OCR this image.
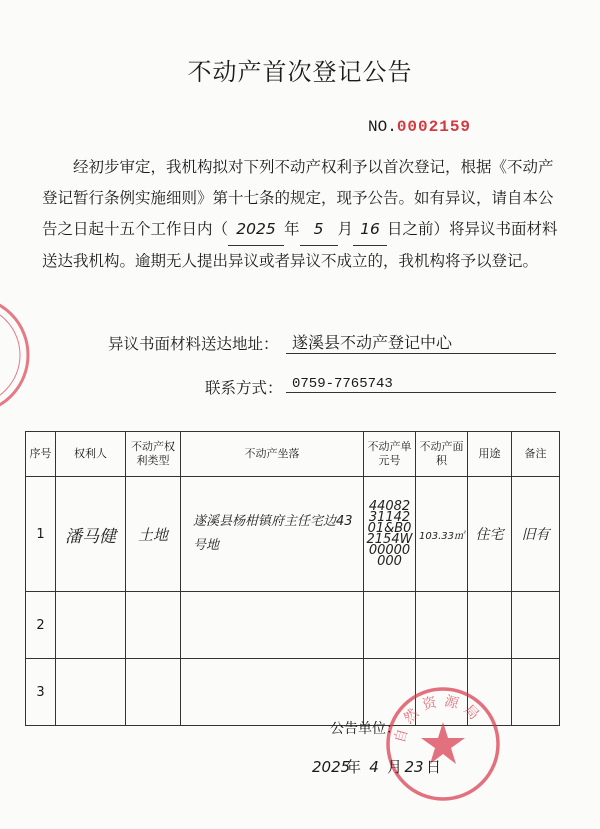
不动产首次登记公告
NO.0002159

经初步审定，我机构拟对下列不动产权利予以首次登记，根据《不动产登记暂行条例实施细则》第十七条的规定，现予公告。如有异议，请自本公告之日起十五个工作日内（ 2025 年 5 月 16 日之前）将异议书面材料送达我机构。逾期无人提出异议或者异议不成立的，我机构将予以登记。

异议书面材料送达地址： 遂溪县不动产登记中心
联系方式： 0759-7765743
序号	权利人	不动产权利类型	不动产坐落	不动产单元号	不动产面积	用途	备注
1	潘马健	土地	遂溪县杨柑镇府主任宅边43号地	440823114201&B02154W00000000	103.33㎡	住宅	旧有
2							
3							
自然资源局
公告单位：
2025年 4 月 23 日
